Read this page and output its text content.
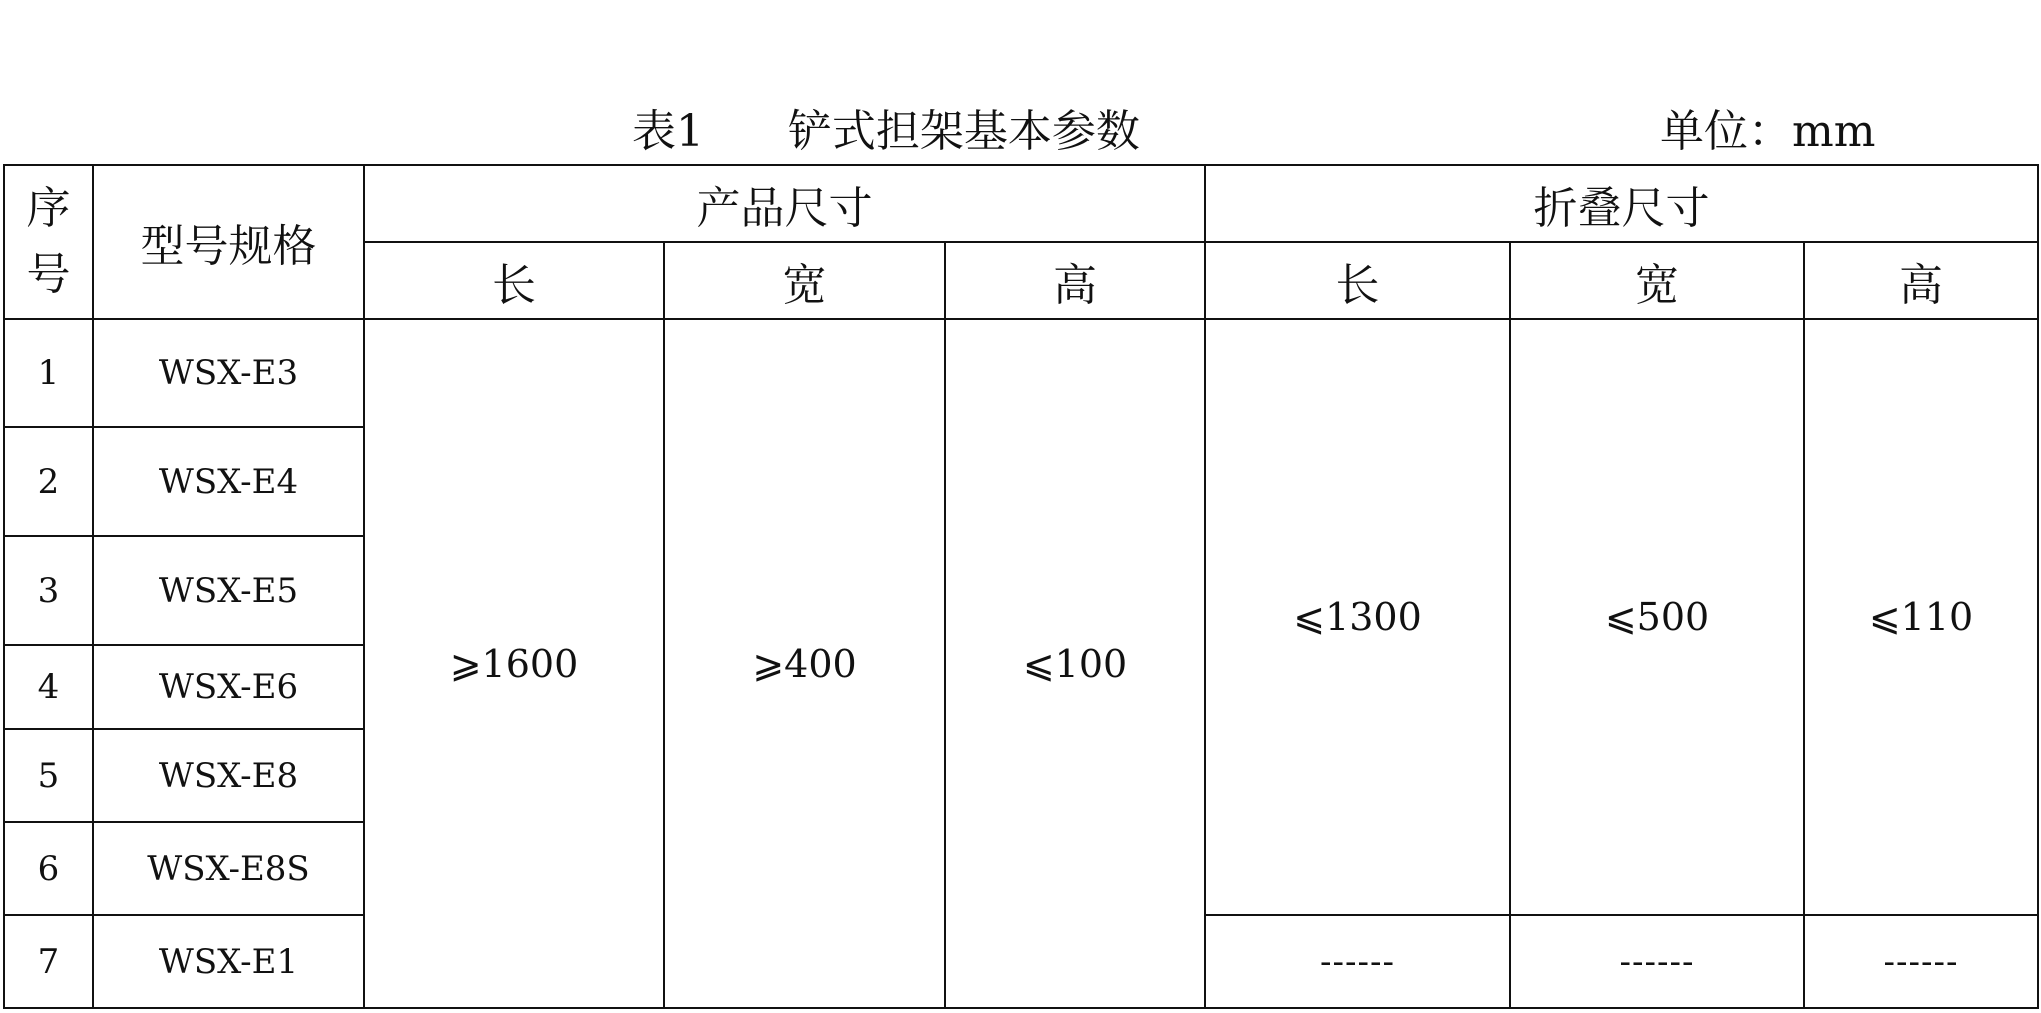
表1      铲式担架基本参数	单位：mm
序号	型号规格	产品尺寸			折叠尺寸		
		长	宽	高	长	宽	高
1	WSX-E3	⩾1600	⩾400	⩽100	⩽1300	⩽500	⩽110
2	WSX-E4						
3	WSX-E5						
4	WSX-E6						
5	WSX-E8						
6	WSX-E8S						
7	WSX-E1				------	------	------
